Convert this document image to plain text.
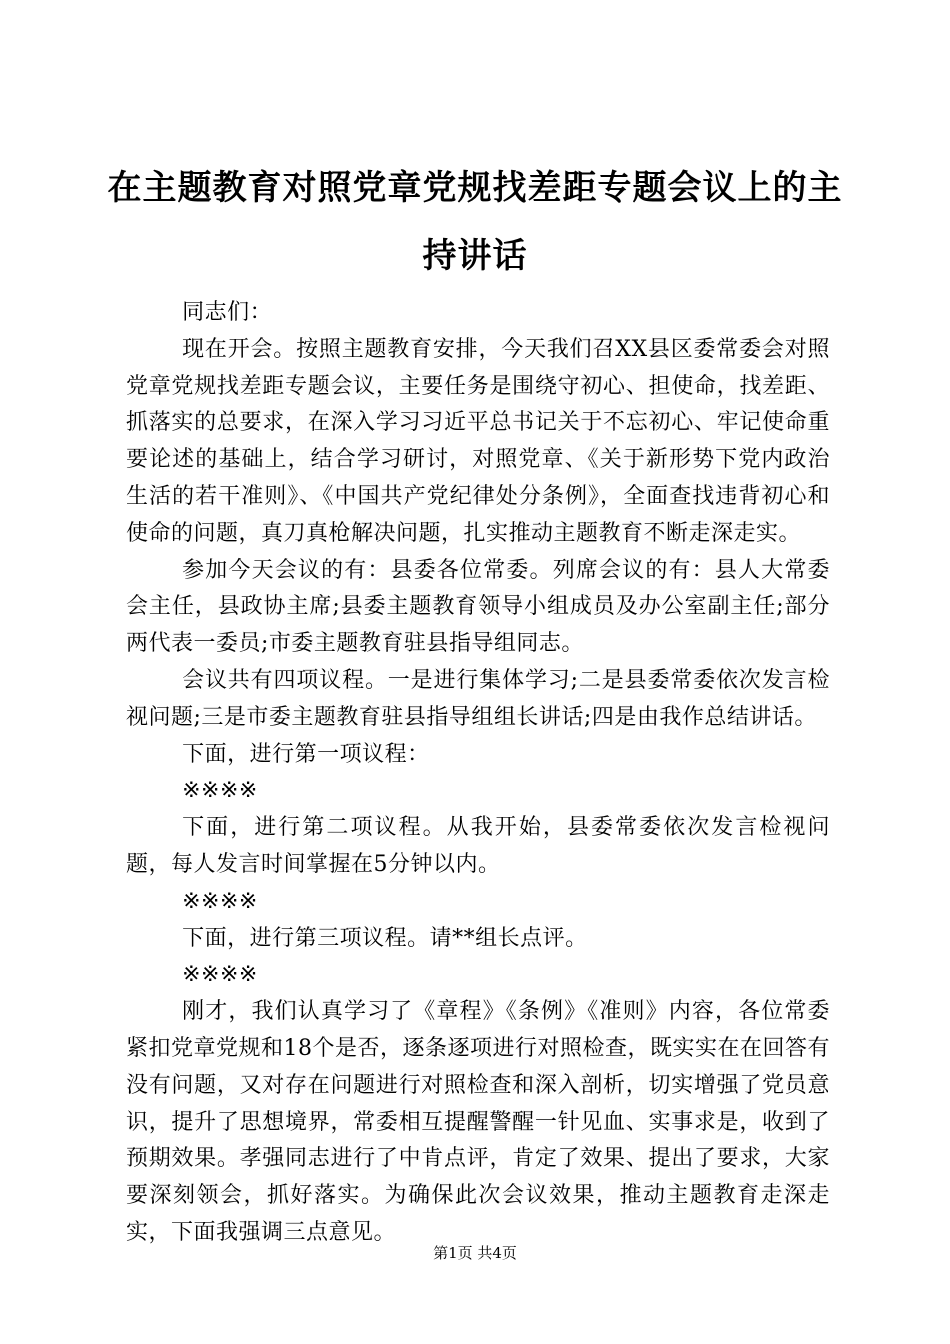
在主题教育对照党章党规找差距专题会议上的主持讲话

同志们：

现在开会。按照主题教育安排，今天我们召XX县区委常委会对照党章党规找差距专题会议，主要任务是围绕守初心、担使命，找差距、抓落实的总要求，在深入学习习近平总书记关于不忘初心、牢记使命重要论述的基础上，结合学习研讨，对照党章、《关于新形势下党内政治生活的若干准则》、《中国共产党纪律处分条例》，全面查找违背初心和使命的问题，真刀真枪解决问题，扎实推动主题教育不断走深走实。

参加今天会议的有：县委各位常委。列席会议的有：县人大常委会主任，县政协主席;县委主题教育领导小组成员及办公室副主任;部分两代表一委员;市委主题教育驻县指导组同志。

会议共有四项议程。一是进行集体学习;二是县委常委依次发言检视问题;三是市委主题教育驻县指导组组长讲话;四是由我作总结讲话。

下面，进行第一项议程：

※※※※

下面，进行第二项议程。从我开始，县委常委依次发言检视问题，每人发言时间掌握在5分钟以内。

※※※※

下面，进行第三项议程。请**组长点评。

※※※※

刚才，我们认真学习了《章程》《条例》《准则》内容，各位常委紧扣党章党规和18个是否，逐条逐项进行对照检查，既实实在在回答有没有问题，又对存在问题进行对照检查和深入剖析，切实增强了党员意识，提升了思想境界，常委相互提醒警醒一针见血、实事求是，收到了预期效果。孝强同志进行了中肯点评，肯定了效果、提出了要求，大家要深刻领会，抓好落实。为确保此次会议效果，推动主题教育走深走实，下面我强调三点意见。

第1页 共4页
